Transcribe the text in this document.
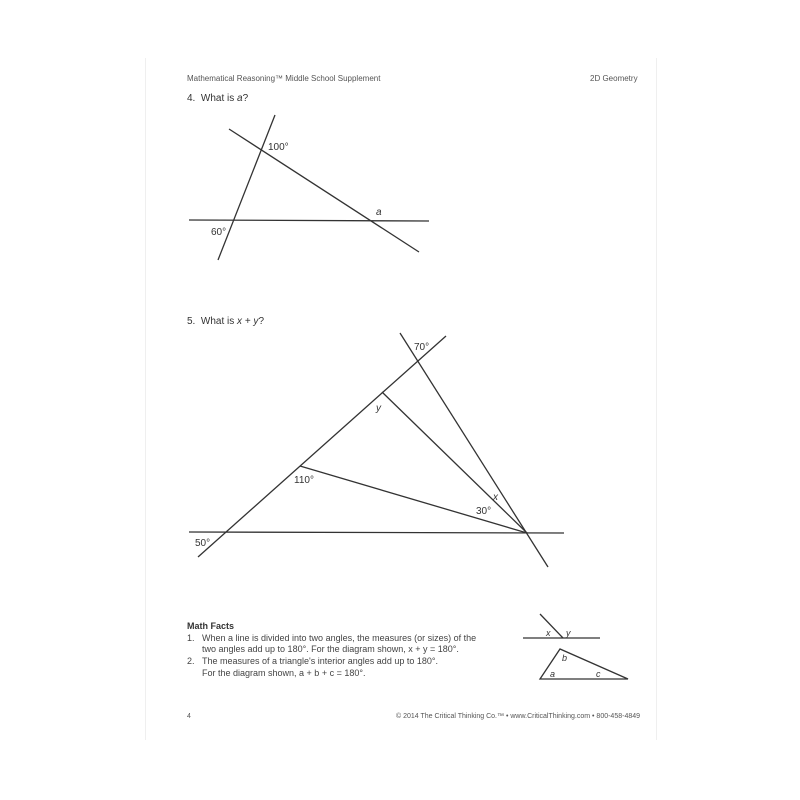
Mathematical Reasoning™ Middle School Supplement	2D Geometry
4. What is a?
5. What is x + y?
100°
60°
a
70°
y
110°
x
30°
50°
x y
b
a	c
Math Facts
1. When a line is divided into two angles, the measures (or sizes) of the
two angles add up to 180°. For the diagram shown, x + y = 180°.
2. The measures of a triangle's interior angles add up to 180°.
For the diagram shown, a + b + c = 180°.
4	© 2014 The Critical Thinking Co.™ • www.CriticalThinking.com • 800-458-4849
